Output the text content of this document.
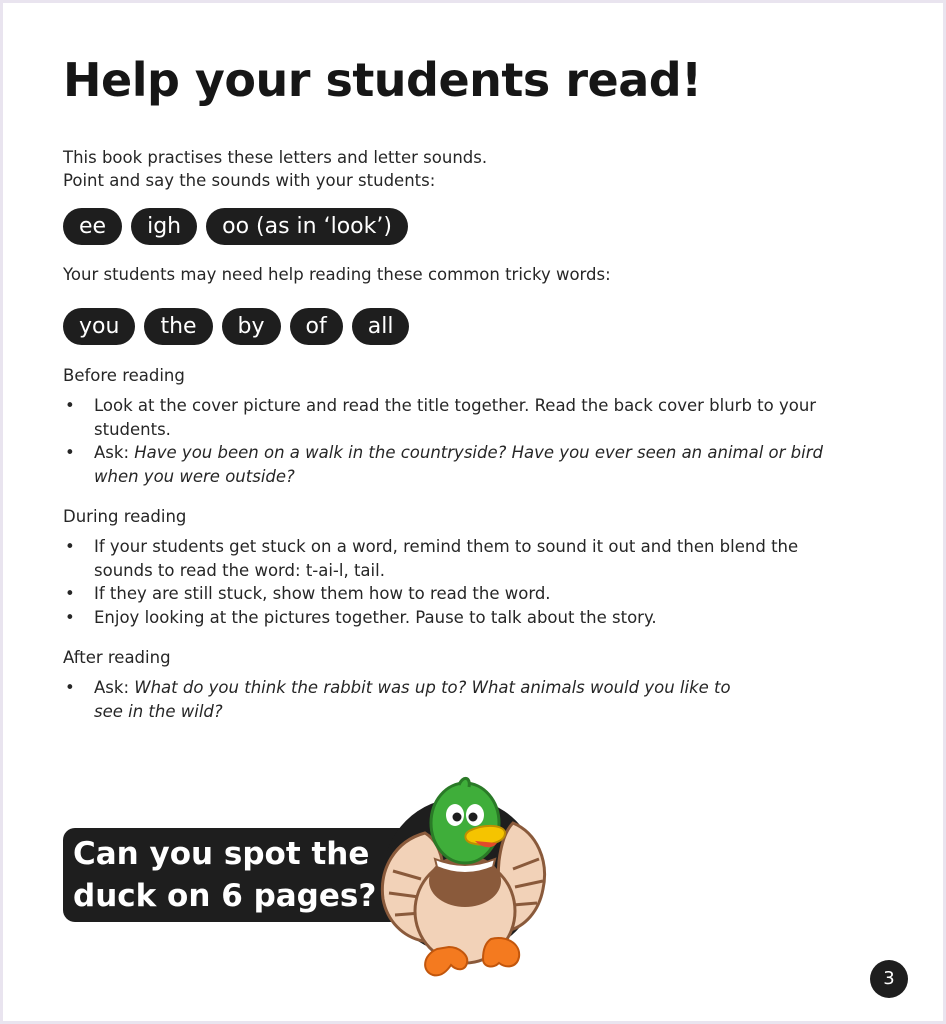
Help your students read!
This book practises these letters and letter sounds.
Point and say the sounds with your students:
ee	igh	oo (as in ‘look’)
Your students may need help reading these common tricky words:
you	the	by	of	all
Before reading
• Look at the cover picture and read the title together. Read the back cover blurb to your students.
• Ask: Have you been on a walk in the countryside? Have you ever seen an animal or bird when you were outside?
During reading
• If your students get stuck on a word, remind them to sound it out and then blend the sounds to read the word: t-ai-l, tail.
• If they are still stuck, show them how to read the word.
• Enjoy looking at the pictures together. Pause to talk about the story.
After reading
• Ask: What do you think the rabbit was up to? What animals would you like to see in the wild?
Can you spot the
duck on 6 pages?
3
